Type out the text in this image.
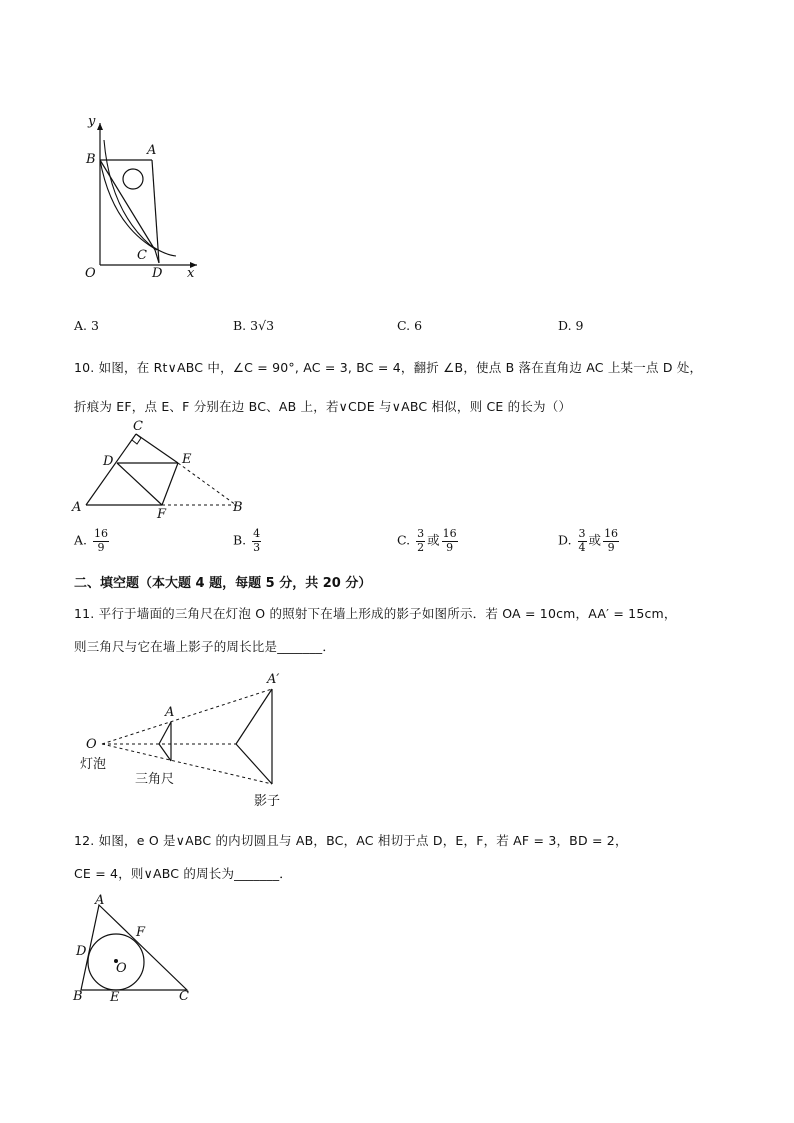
y
B
A
C
O	D x
A. 3	B. 3√3	C. 6	D. 9
10. 如图，在 Rt∨ABC 中，∠C = 90°, AC = 3, BC = 4，翻折 ∠B，使点 B 落在直角边 AC 上某一点 D 处，
折痕为 EF，点 E、F 分别在边 BC、AB 上，若∨CDE 与∨ABC 相似，则 CE 的长为（）
C
D	E
A	F	B
A. $\frac{16}{9}$	B. $\frac{4}{3}$	C. $\frac{3}{2}$ 或 $\frac{16}{9}$	D. $\frac{3}{4}$ 或 $\frac{16}{9}$
二、填空题（本大题 4 题，每题 5 分，共 20 分）
11. 平行于墙面的三角尺在灯泡 O 的照射下在墙上形成的影子如图所示．若 OA = 10cm，AA′ = 15cm，
则三角尺与它在墙上影子的周长比是_______．
A′
A
O
灯泡
三角尺
影子
12. 如图，e O 是∨ABC 的内切圆且与 AB，BC，AC 相切于点 D，E，F，若 AF = 3，BD = 2，
CE = 4，则∨ABC 的周长为_______．
A
F
D
O
B E	C
